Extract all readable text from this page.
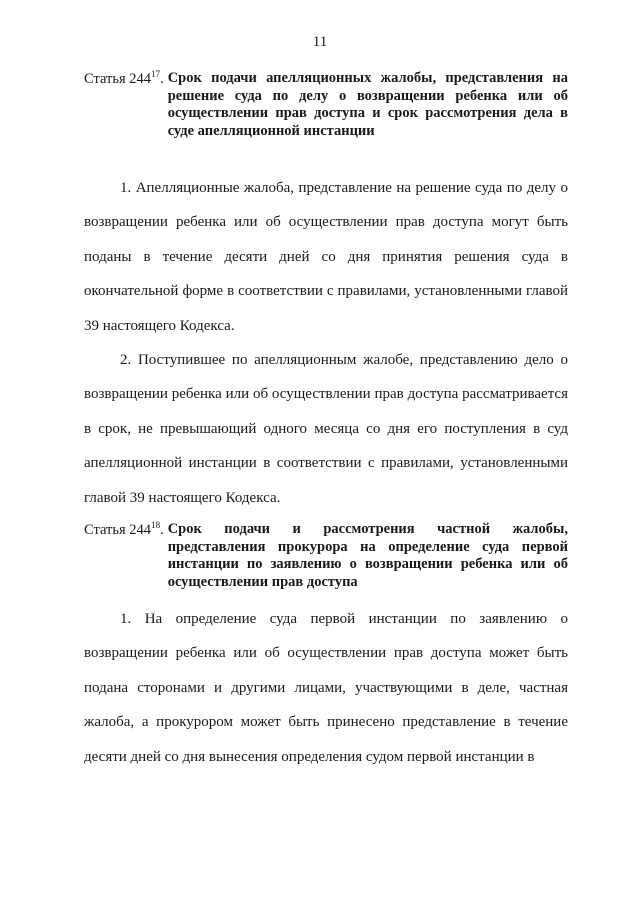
11
Статья $244^{17}$. Срок подачи апелляционных жалобы, представления на решение суда по делу о возвращении ребенка или об осуществлении прав доступа и срок рассмотрения дела в суде апелляционной инстанции

1. Апелляционные жалоба, представление на решение суда по делу о возвращении ребенка или об осуществлении прав доступа могут быть поданы в течение десяти дней со дня принятия решения суда в окончательной форме в соответствии с правилами, установленными главой 39 настоящего Кодекса.

2. Поступившее по апелляционным жалобе, представлению дело о возвращении ребенка или об осуществлении прав доступа рассматривается в срок, не превышающий одного месяца со дня его поступления в суд апелляционной инстанции в соответствии с правилами, установленными главой 39 настоящего Кодекса.

Статья $244^{18}$. Срок подачи и рассмотрения частной жалобы, представления прокурора на определение суда первой инстанции по заявлению о возвращении ребенка или об осуществлении прав доступа

1. На определение суда первой инстанции по заявлению о возвращении ребенка или об осуществлении прав доступа может быть подана сторонами и другими лицами, участвующими в деле, частная жалоба, а прокурором может быть принесено представление в течение десяти дней со дня вынесения определения судом первой инстанции в
